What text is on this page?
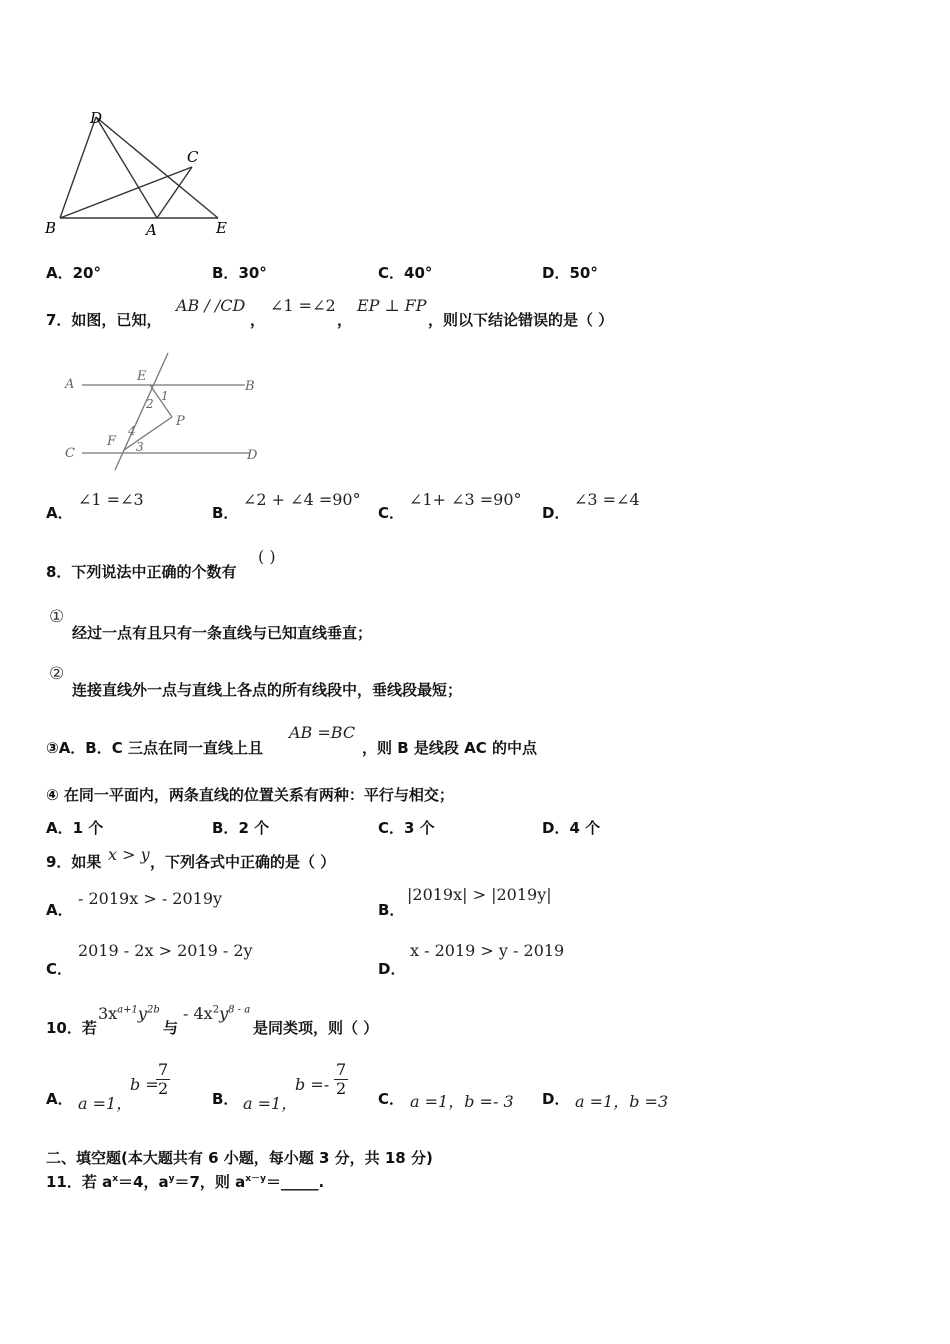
D
C
B	A	E
A．20°	B．30°	C．40°	D．50°
7．如图，已知，
AB / /CD
，
∠1 =∠2
，
EP ⊥ FP
，则以下结论错误的是（ ）
A
E
B
2
1
P
F
4
3
C	D
A．
∠1 =∠3
B．
∠2 + ∠4 =90°
C．
∠1+ ∠3 =90°
D．
∠3 =∠4
8．下列说法中正确的个数有
( )
①
经过一点有且只有一条直线与已知直线垂直；
②
连接直线外一点与直线上各点的所有线段中，垂线段最短；
③A．B．C 三点在同一直线上且
AB =BC
，则 B 是线段 AC 的中点
④ 在同一平面内，两条直线的位置关系有两种：平行与相交；
A．1 个	B．2 个	C．3 个	D．4 个
9．如果 x > y ，下列各式中正确的是（ ）
A．
- 2019x > - 2019y
B．
|2019x| > |2019y|
C．
2019 - 2x > 2019 - 2y
D．
x - 2019 > y - 2019
10．若
$3x^{a+1}y^{2b}$
与
- $4x^2y^{8 - a}$
是同类项，则（ ）
A． a =1，
b =
$\frac{7}{2}$
B． a =1，
$b =- \frac{7}{2}$
C． a =1，b =- 3 D． a =1，b =3
二、填空题(本大题共有 6 小题，每小题 3 分，共 18 分)
11．若 $a^x=4$，$a^y=7$，则 $a^{x-y}=\_\_\_\_\_$.
